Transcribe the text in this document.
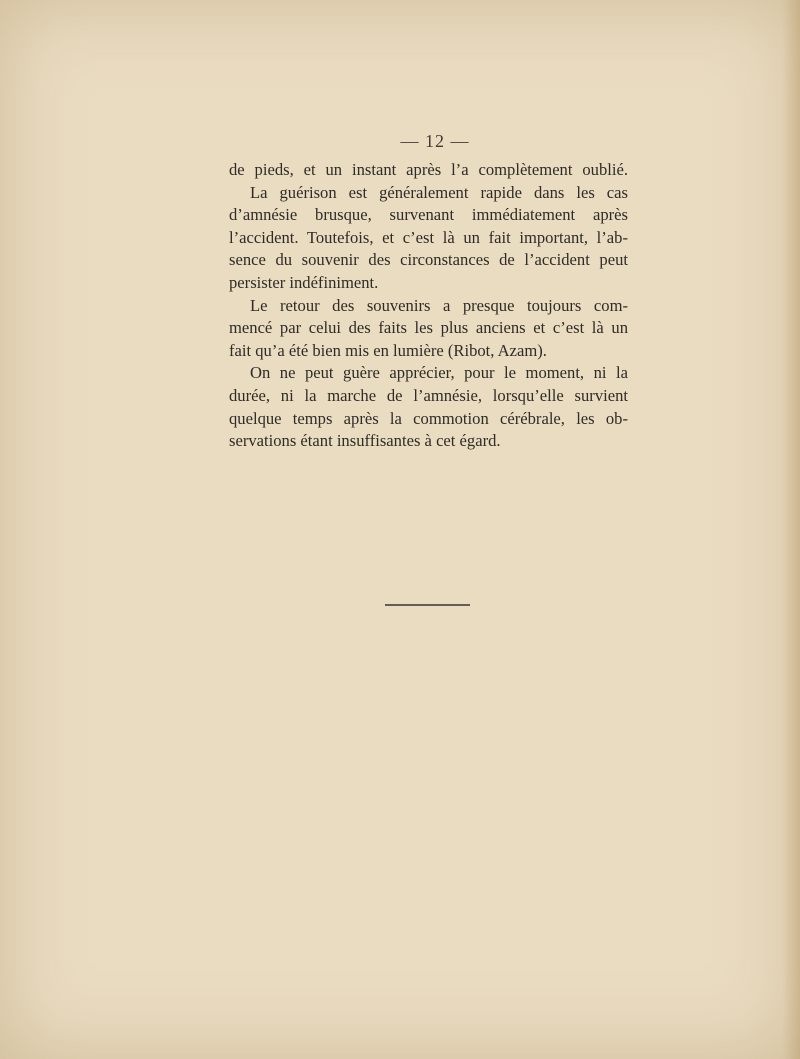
— 12 —
de pieds, et un instant après l’a complètement oublié.
La guérison est généralement rapide dans les cas
d’amnésie brusque, survenant immédiatement après
l’accident. Toutefois, et c’est là un fait important, l’ab-
sence du souvenir des circonstances de l’accident peut
persister indéfiniment.
Le retour des souvenirs a presque toujours com-
mencé par celui des faits les plus anciens et c’est là un
fait qu’a été bien mis en lumière (Ribot, Azam).
On ne peut guère apprécier, pour le moment, ni la
durée, ni la marche de l’amnésie, lorsqu’elle survient
quelque temps après la commotion cérébrale, les ob-
servations étant insuffisantes à cet égard.
